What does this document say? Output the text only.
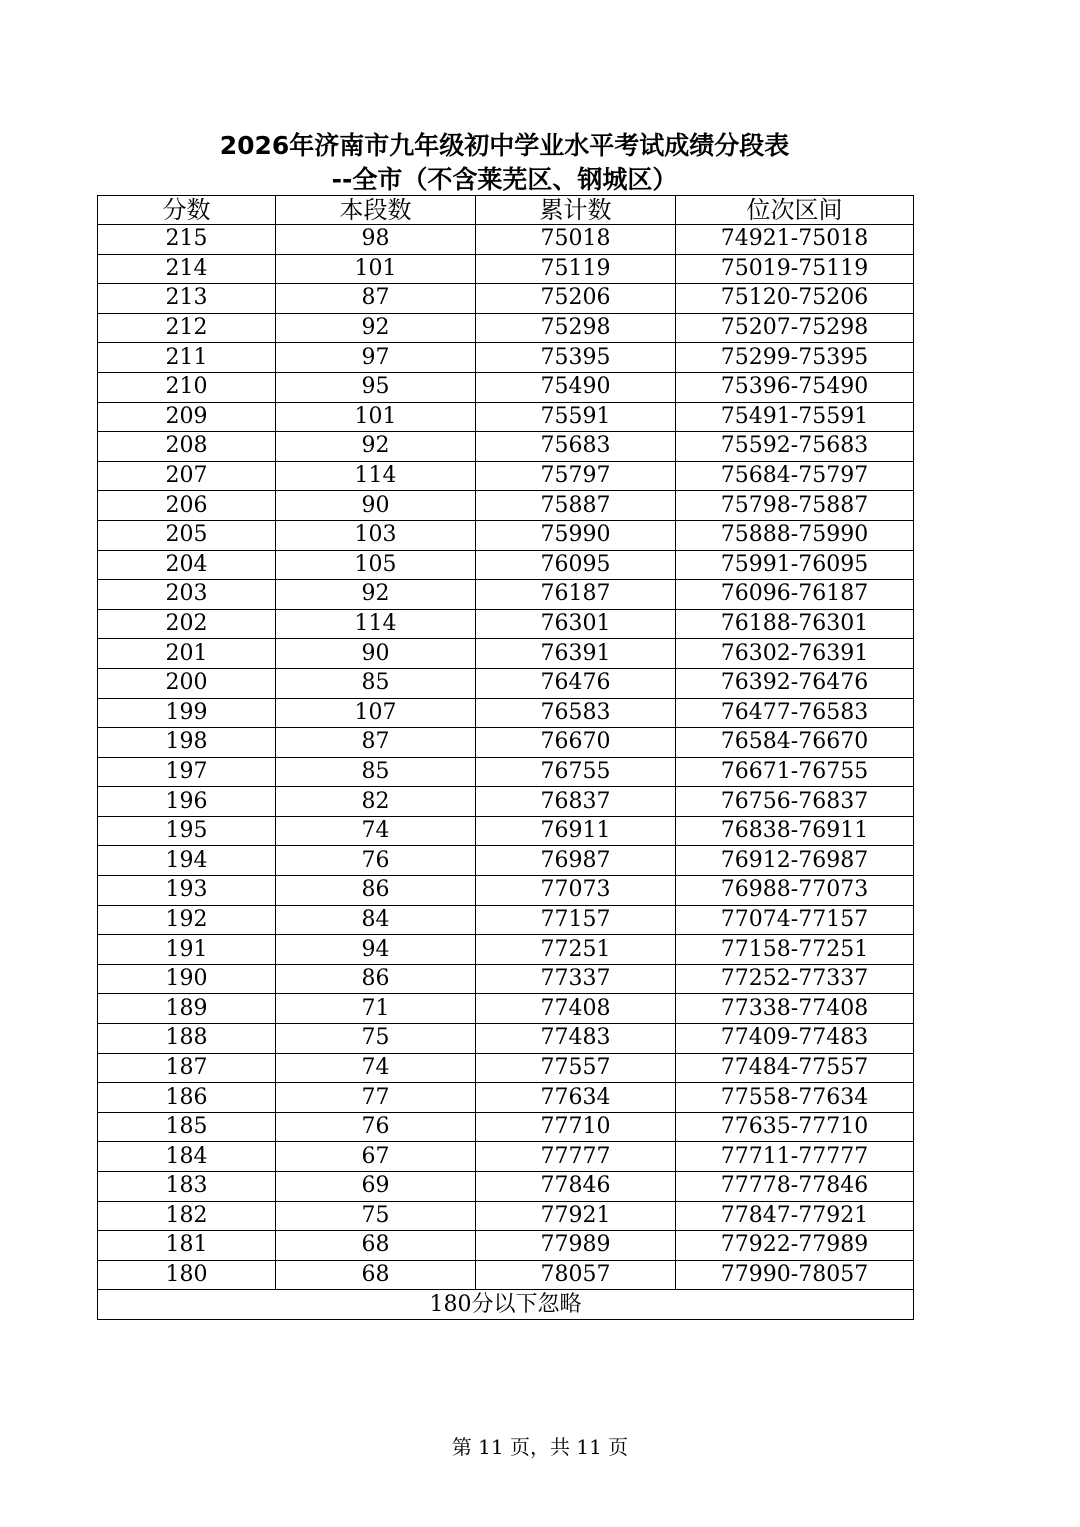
2026年济南市九年级初中学业水平考试成绩分段表
--全市（不含莱芜区、钢城区）
分数	本段数	累计数	位次区间
215	98	75018	74921-75018
214	101	75119	75019-75119
213	87	75206	75120-75206
212	92	75298	75207-75298
211	97	75395	75299-75395
210	95	75490	75396-75490
209	101	75591	75491-75591
208	92	75683	75592-75683
207	114	75797	75684-75797
206	90	75887	75798-75887
205	103	75990	75888-75990
204	105	76095	75991-76095
203	92	76187	76096-76187
202	114	76301	76188-76301
201	90	76391	76302-76391
200	85	76476	76392-76476
199	107	76583	76477-76583
198	87	76670	76584-76670
197	85	76755	76671-76755
196	82	76837	76756-76837
195	74	76911	76838-76911
194	76	76987	76912-76987
193	86	77073	76988-77073
192	84	77157	77074-77157
191	94	77251	77158-77251
190	86	77337	77252-77337
189	71	77408	77338-77408
188	75	77483	77409-77483
187	74	77557	77484-77557
186	77	77634	77558-77634
185	76	77710	77635-77710
184	67	77777	77711-77777
183	69	77846	77778-77846
182	75	77921	77847-77921
181	68	77989	77922-77989
180	68	78057	77990-78057
180分以下忽略			
第 11 页，共 11 页
